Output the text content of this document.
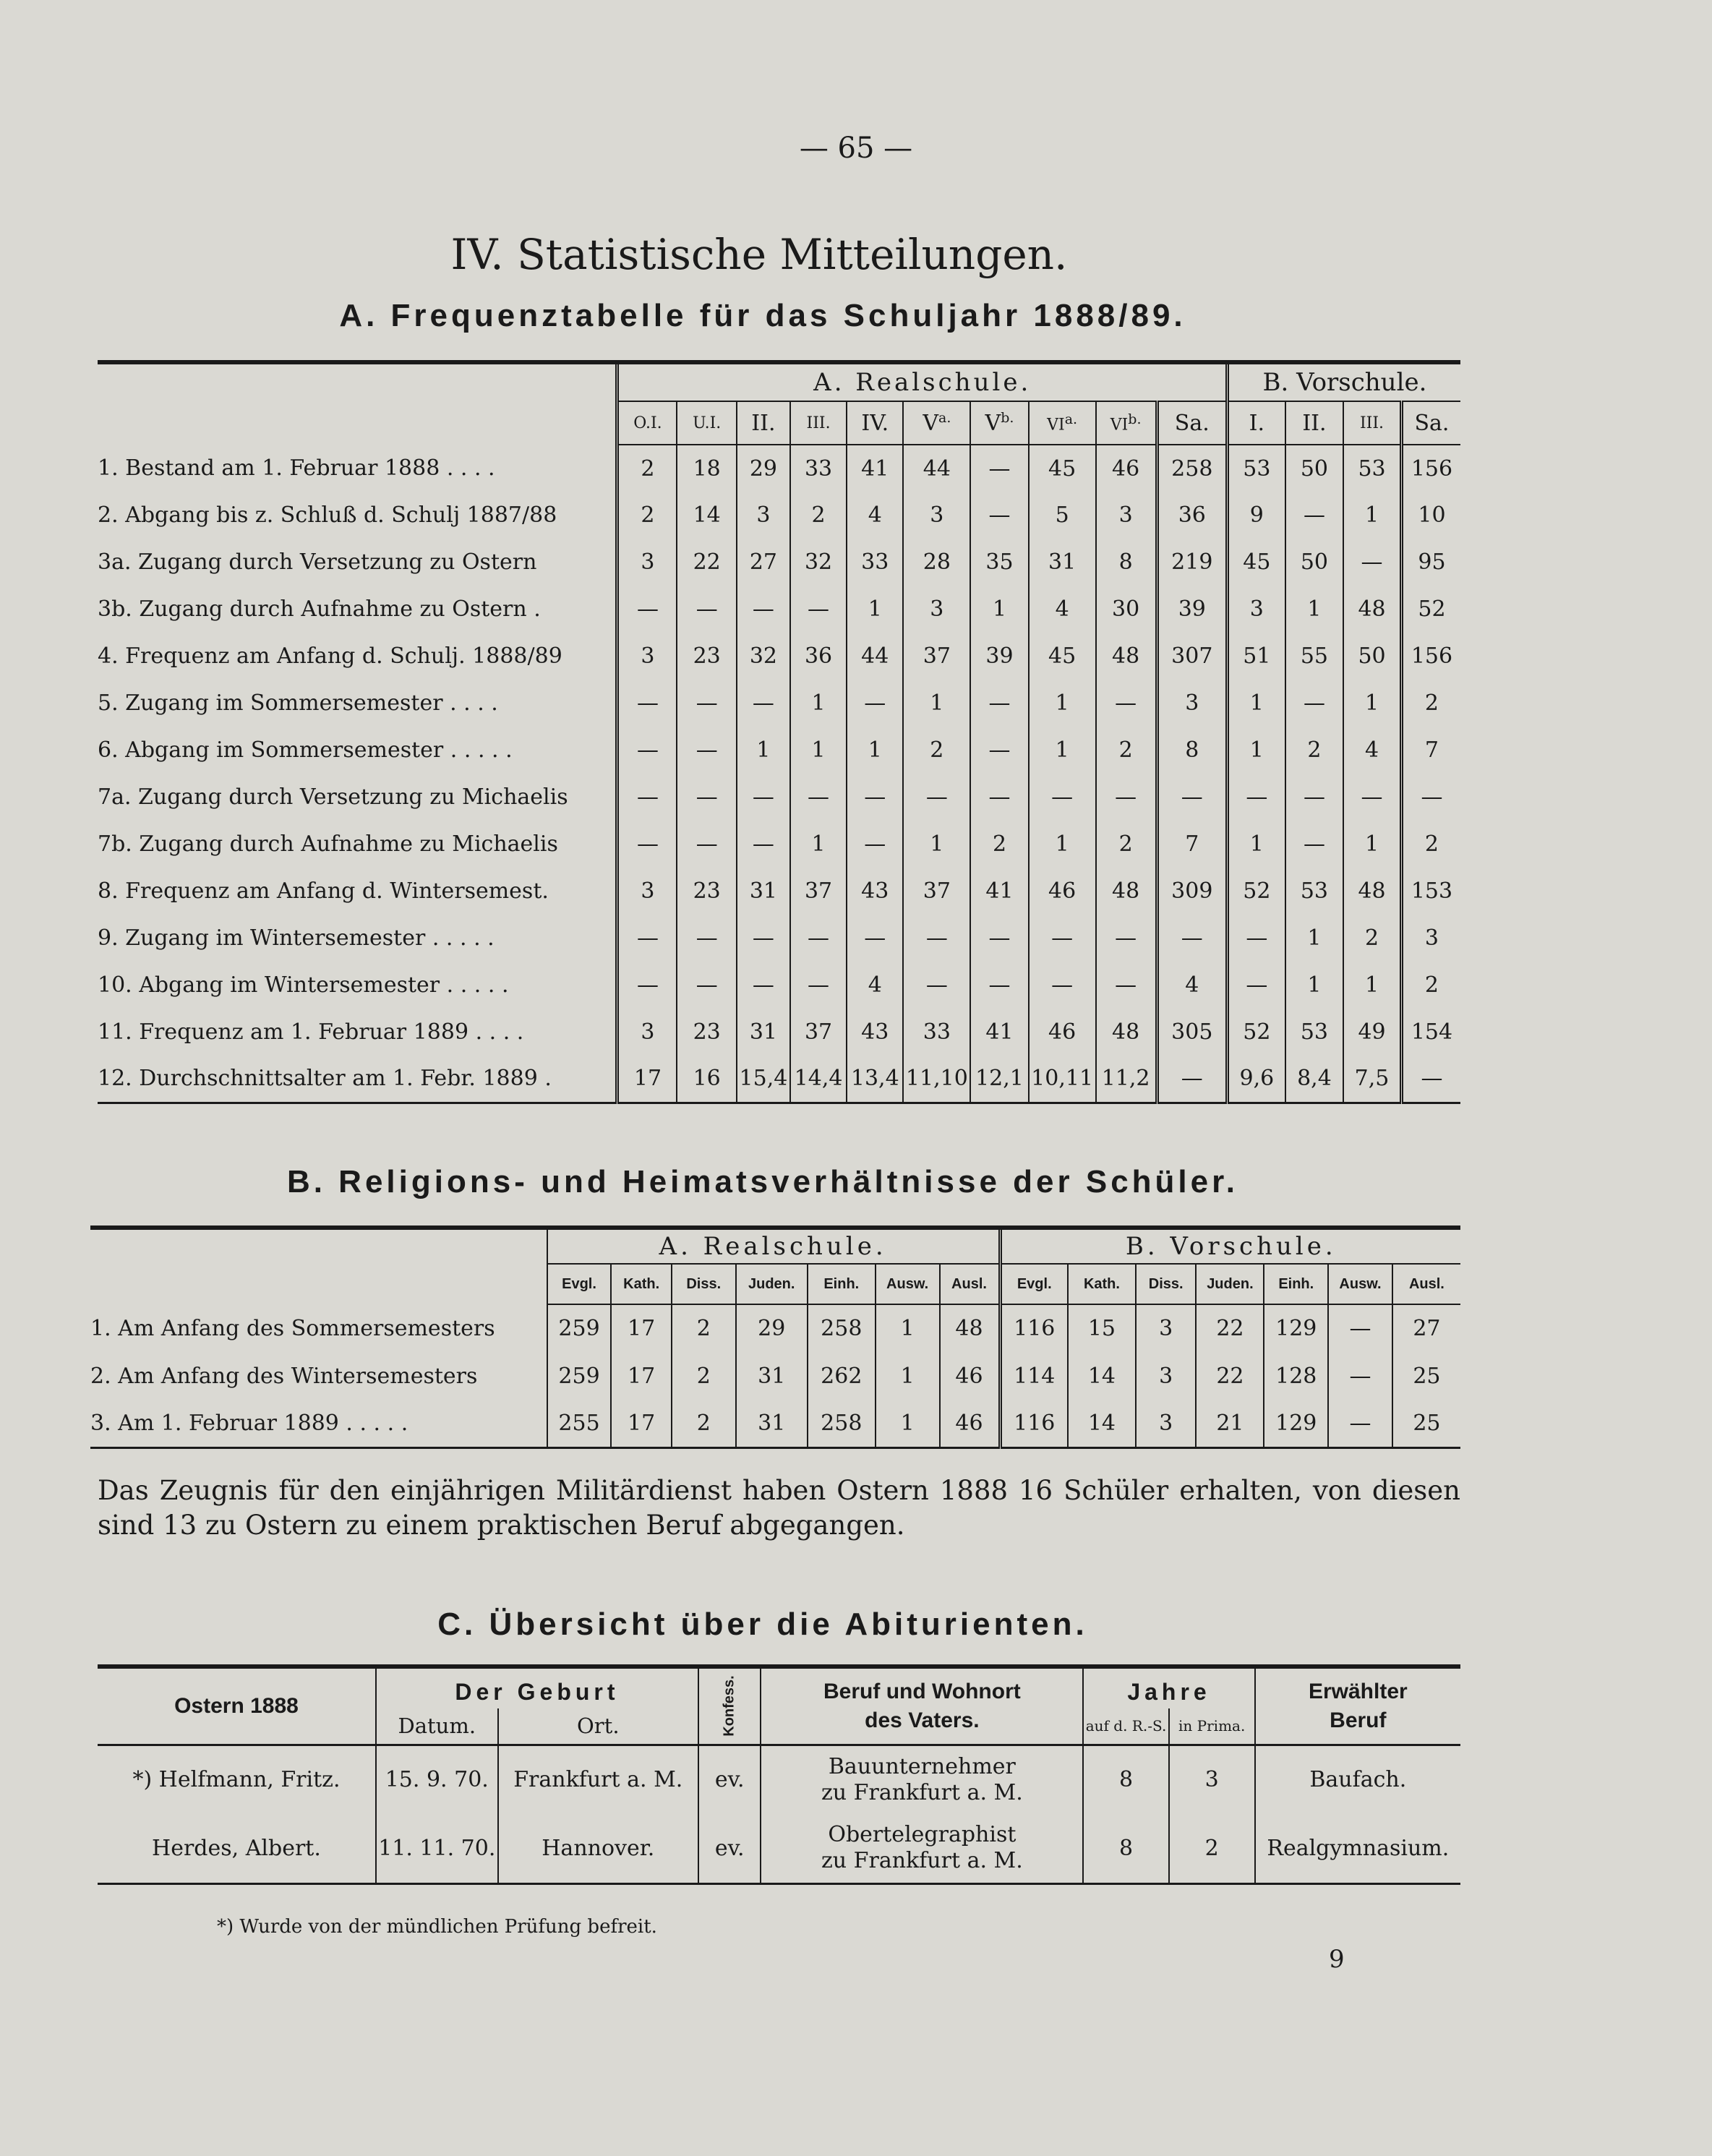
— 65 —
IV. Statistische Mitteilungen.
A. Frequenztabelle für das Schuljahr 1888/89.
	A. Realschule.										B. Vorschule.			
	O.I.	U.I.	II.	III.	IV.	$V^{a.}$	$V^{b.}$	VIa.	VIb.	Sa.	I.	II.	III.	Sa.
1. Bestand am 1. Februar 1888 . . . .	2	18	29	33	41	44	—	45	46	258	53	50	53	156
2. Abgang bis z. Schluß d. Schulj 1887/88	2	14	3	2	4	3	—	5	3	36	9	—	1	10
3a. Zugang durch Versetzung zu Ostern	3	22	27	32	33	28	35	31	8	219	45	50	—	95
3b. Zugang durch Aufnahme zu Ostern .	—	—	—	—	1	3	1	4	30	39	3	1	48	52
4. Frequenz am Anfang d. Schulj. 1888/89	3	23	32	36	44	37	39	45	48	307	51	55	50	156
5. Zugang im Sommersemester . . . .	—	—	—	1	—	1	—	1	—	3	1	—	1	2
6. Abgang im Sommersemester . . . . .	—	—	1	1	1	2	—	1	2	8	1	2	4	7
7a. Zugang durch Versetzung zu Michaelis	—	—	—	—	—	—	—	—	—	—	—	—	—	—
7b. Zugang durch Aufnahme zu Michaelis	—	—	—	1	—	1	2	1	2	7	1	—	1	2
8. Frequenz am Anfang d. Wintersemest.	3	23	31	37	43	37	41	46	48	309	52	53	48	153
9. Zugang im Wintersemester . . . . .	—	—	—	—	—	—	—	—	—	—	—	1	2	3
10. Abgang im Wintersemester . . . . .	—	—	—	—	4	—	—	—	—	4	—	1	1	2
11. Frequenz am 1. Februar 1889 . . . .	3	23	31	37	43	33	41	46	48	305	52	53	49	154
12. Durchschnittsalter am 1. Febr. 1889 .	17	16	15,4	14,4	13,4	11,10	12,1	10,11	11,2	—	9,6	8,4	7,5	—
B. Religions- und Heimatsverhältnisse der Schüler.
	A. Realschule.							B. Vorschule.						
	Evgl.	Kath.	Diss.	Juden.	Einh.	Ausw.	Ausl.	Evgl.	Kath.	Diss.	Juden.	Einh.	Ausw.	Ausl.
1. Am Anfang des Sommersemesters	259	17	2	29	258	1	48	116	15	3	22	129	—	27
2. Am Anfang des Wintersemesters	259	17	2	31	262	1	46	114	14	3	22	128	—	25
3. Am 1. Februar 1889 . . . . .	255	17	2	31	258	1	46	116	14	3	21	129	—	25
Das Zeugnis für den einjährigen Militärdienst haben Ostern 1888 16 Schüler erhalten, von diesen sind 13 zu Ostern zu einem praktischen Beruf abgegangen.
C. Übersicht über die Abiturienten.
Ostern 1888	Der Geburt		Konfess.	Beruf und Wohnort des Vaters.	Jahre		Erwählter Beruf
	Datum.	Ort.			auf d. R.-S.	in Prima.	
*) Helfmann, Fritz.	15. 9. 70.	Frankfurt a. M.	ev.	Bauunternehmer
zu Frankfurt a. M.	8	3	Baufach.
Herdes, Albert.	11. 11. 70.	Hannover.	ev.	Obertelegraphist
zu Frankfurt a. M.	8	2	Realgymnasium.
*) Wurde von der mündlichen Prüfung befreit.
9
